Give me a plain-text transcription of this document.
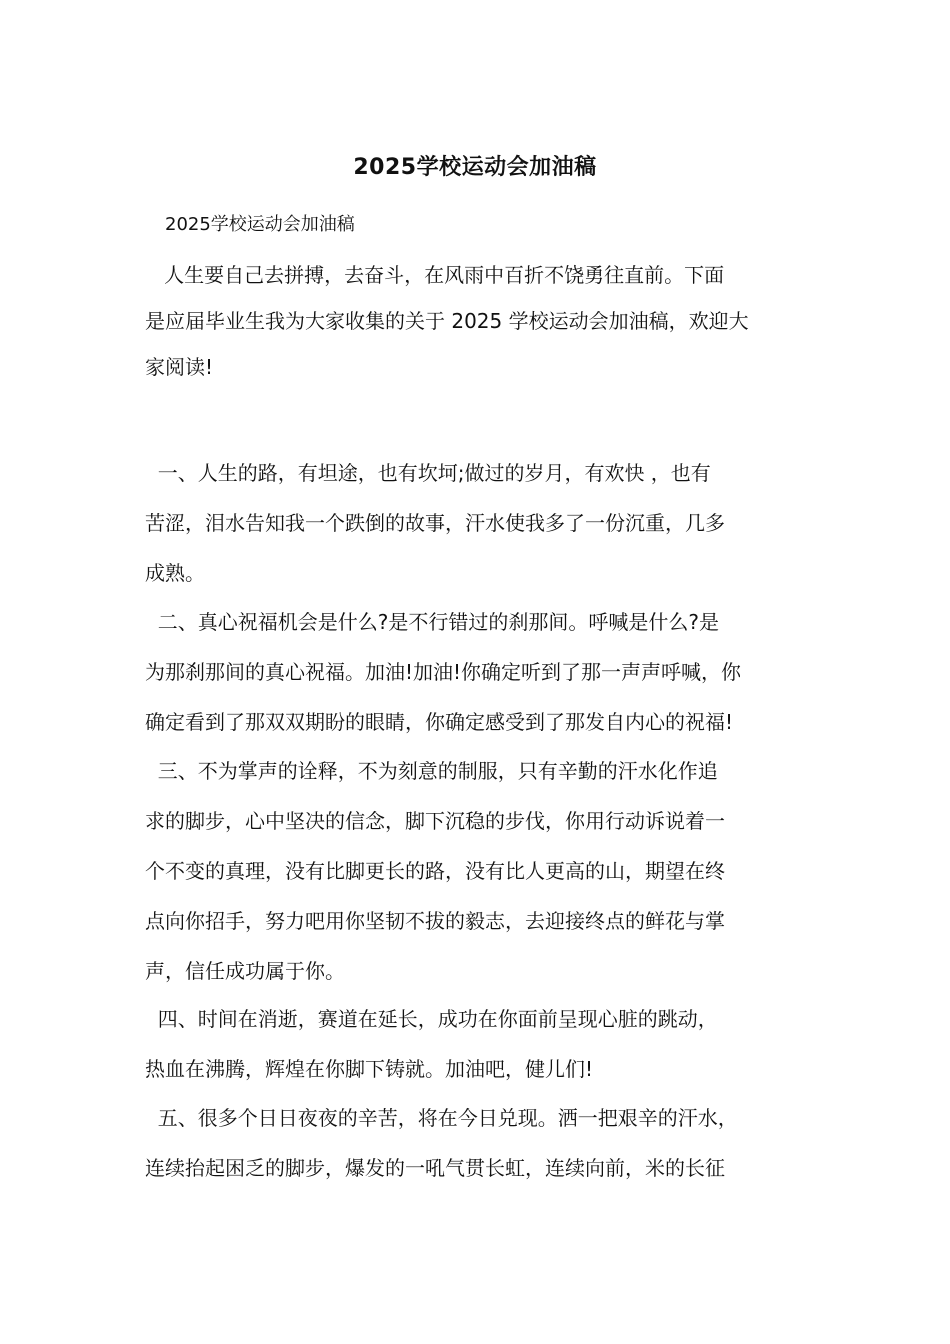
2025学校运动会加油稿

2025学校运动会加油稿

人生要自己去拼搏，去奋斗，在风雨中百折不饶勇往直前。下面
是应届毕业生我为大家收集的关于 2025 学校运动会加油稿，欢迎大
家阅读!
一、人生的路，有坦途，也有坎坷;做过的岁月，有欢快 ，也有
苦涩，泪水告知我一个跌倒的故事，汗水使我多了一份沉重，几多
成熟。
二、真心祝福机会是什么?是不行错过的刹那间。呼喊是什么?是
为那刹那间的真心祝福。加油!加油!你确定听到了那一声声呼喊，你
确定看到了那双双期盼的眼睛，你确定感受到了那发自内心的祝福!
三、不为掌声的诠释，不为刻意的制服，只有辛勤的汗水化作追
求的脚步，心中坚决的信念，脚下沉稳的步伐，你用行动诉说着一
个不变的真理，没有比脚更长的路，没有比人更高的山，期望在终
点向你招手，努力吧用你坚韧不拔的毅志，去迎接终点的鲜花与掌
声，信任成功属于你。
四、时间在消逝，赛道在延长，成功在你面前呈现心脏的跳动，
热血在沸腾，辉煌在你脚下铸就。加油吧，健儿们!
五、很多个日日夜夜的辛苦，将在今日兑现。洒一把艰辛的汗水，
连续抬起困乏的脚步，爆发的一吼气贯长虹，连续向前，米的长征
